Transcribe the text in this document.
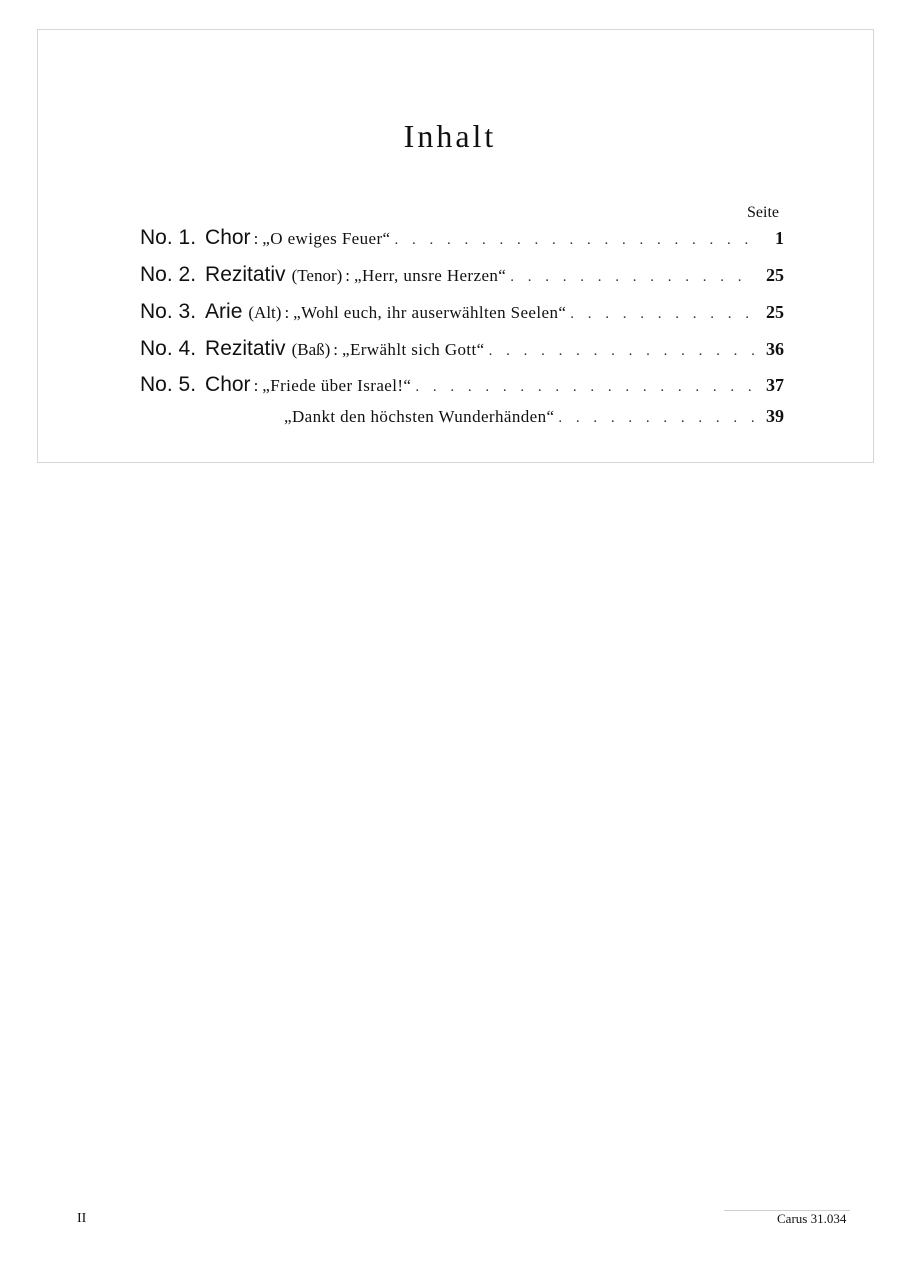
Inhalt
Seite
No. 1. Chor : „O ewiges Feuer“ . . .	1
No. 2. Rezitativ (Tenor) : „Herr, unsre Herzen“ . . .	25
No. 3. Arie (Alt) : „Wohl euch, ihr auserwählten Seelen“ . . .	25
No. 4. Rezitativ (Baß) : „Erwählt sich Gott“ . . .	36
No. 5. Chor : „Friede über Israel!“ . . .	37
„Dankt den höchsten Wunderhänden“ . . .	39
II	Carus 31.034
